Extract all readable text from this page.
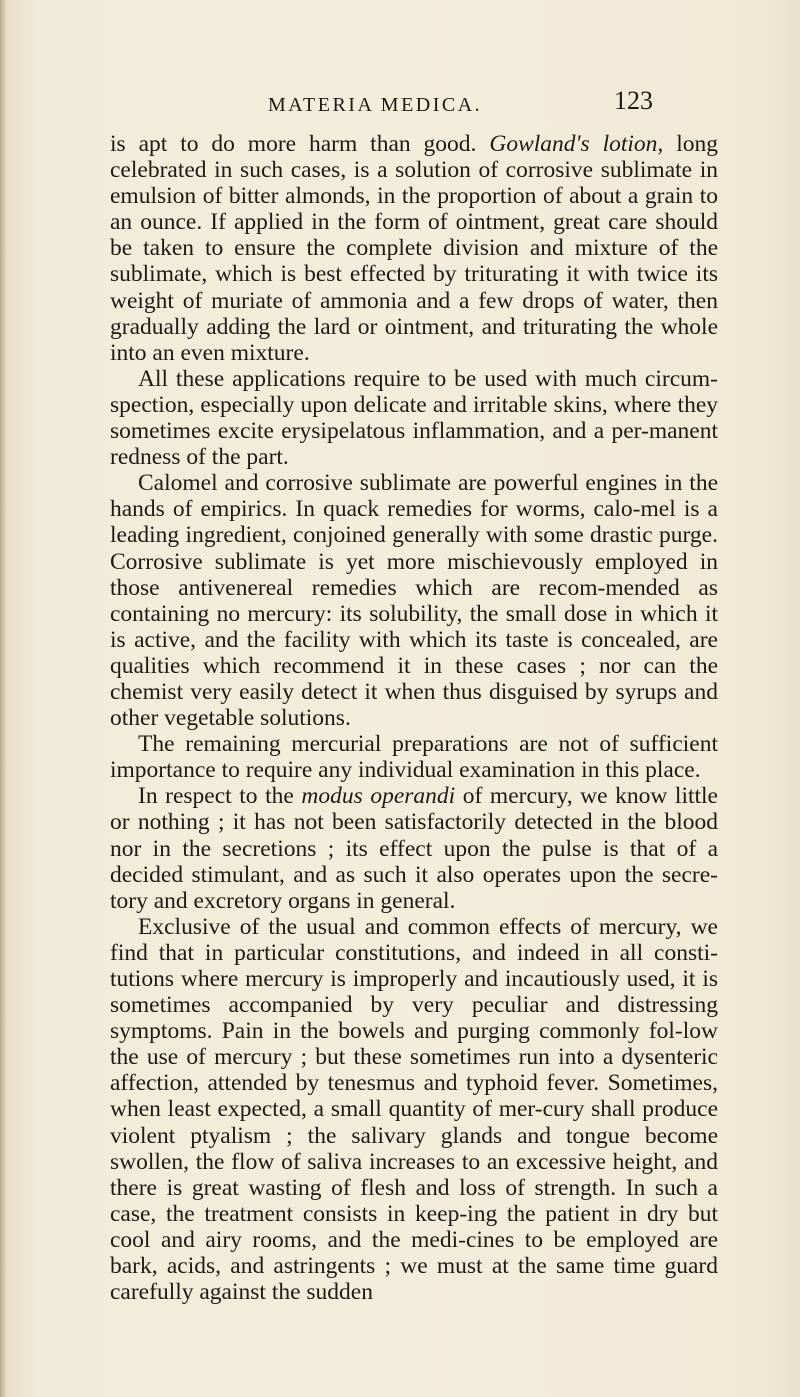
MATERIA MEDICA.	123

is apt to do more harm than good. Gowland's lotion, long celebrated in such cases, is a solution of corrosive sublimate in emulsion of bitter almonds, in the proportion of about a grain to an ounce. If applied in the form of ointment, great care should be taken to ensure the complete division and mixture of the sublimate, which is best effected by triturating it with twice its weight of muriate of ammonia and a few drops of water, then gradually adding the lard or ointment, and triturating the whole into an even mixture.

All these applications require to be used with much circum-spection, especially upon delicate and irritable skins, where they sometimes excite erysipelatous inflammation, and a per-manent redness of the part.

Calomel and corrosive sublimate are powerful engines in the hands of empirics. In quack remedies for worms, calo-mel is a leading ingredient, conjoined generally with some drastic purge. Corrosive sublimate is yet more mischievously employed in those antivenereal remedies which are recom-mended as containing no mercury: its solubility, the small dose in which it is active, and the facility with which its taste is concealed, are qualities which recommend it in these cases ; nor can the chemist very easily detect it when thus disguised by syrups and other vegetable solutions.

The remaining mercurial preparations are not of sufficient importance to require any individual examination in this place.

In respect to the modus operandi of mercury, we know little or nothing ; it has not been satisfactorily detected in the blood nor in the secretions ; its effect upon the pulse is that of a decided stimulant, and as such it also operates upon the secre-tory and excretory organs in general.

Exclusive of the usual and common effects of mercury, we find that in particular constitutions, and indeed in all consti-tutions where mercury is improperly and incautiously used, it is sometimes accompanied by very peculiar and distressing symptoms. Pain in the bowels and purging commonly fol-low the use of mercury ; but these sometimes run into a dysenteric affection, attended by tenesmus and typhoid fever. Sometimes, when least expected, a small quantity of mer-cury shall produce violent ptyalism ; the salivary glands and tongue become swollen, the flow of saliva increases to an excessive height, and there is great wasting of flesh and loss of strength. In such a case, the treatment consists in keep-ing the patient in dry but cool and airy rooms, and the medi-cines to be employed are bark, acids, and astringents ; we must at the same time guard carefully against the sudden
